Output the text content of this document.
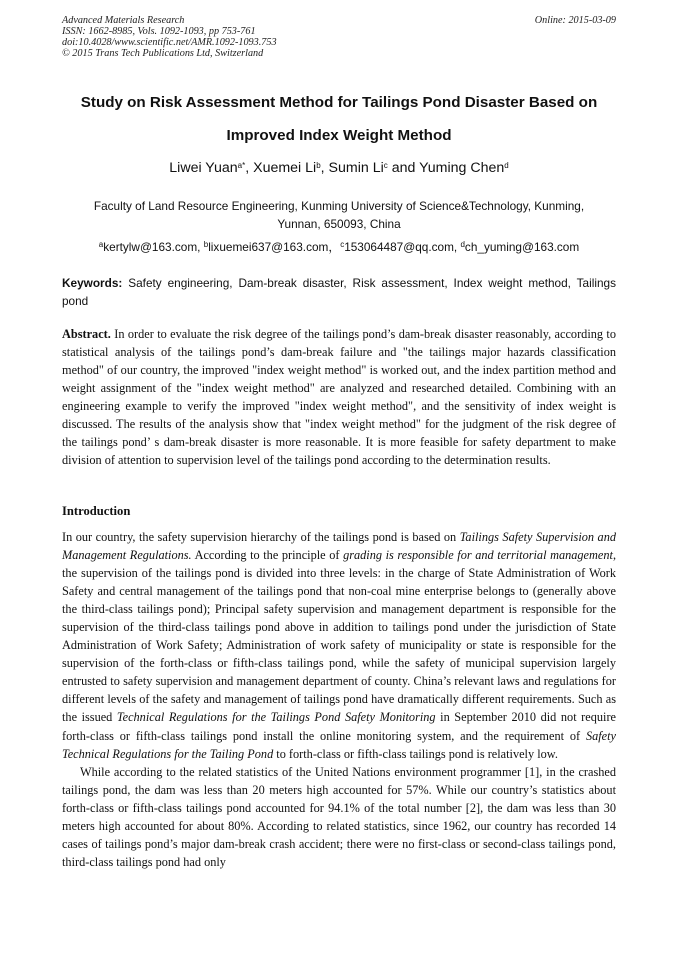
Advanced Materials Research
ISSN: 1662-8985, Vols. 1092-1093, pp 753-761
doi:10.4028/www.scientific.net/AMR.1092-1093.753
© 2015 Trans Tech Publications Ltd, Switzerland
Online: 2015-03-09
Study on Risk Assessment Method for Tailings Pond Disaster Based on
Improved Index Weight Method
Liwei Yuan$^{a*}$, Xuemei Li$^b$, Sumin Li$^c$ and Yuming Chen$^d$
Faculty of Land Resource Engineering, Kunming University of Science&Technology, Kunming,
Yunnan, 650093, China
$^a$kertylw@163.com, $^b$lixuemei637@163.com，$^c$153064487@qq.com, $^d$ch_yuming@163.com
Keywords: Safety engineering, Dam-break disaster, Risk assessment, Index weight method, Tailings pond
Abstract. In order to evaluate the risk degree of the tailings pond’s dam-break disaster reasonably, according to statistical analysis of the tailings pond’s dam-break failure and "the tailings major hazards classification method" of our country, the improved "index weight method" is worked out, and the index partition method and weight assignment of the "index weight method" are analyzed and researched detailed. Combining with an engineering example to verify the improved "index weight method", and the sensitivity of index weight is discussed. The results of the analysis show that "index weight method" for the judgment of the risk degree of the tailings pond’ s dam-break disaster is more reasonable. It is more feasible for safety department to make division of attention to supervision level of the tailings pond according to the determination results.
Introduction

In our country, the safety supervision hierarchy of the tailings pond is based on Tailings Safety Supervision and Management Regulations. According to the principle of grading is responsible for and territorial management, the supervision of the tailings pond is divided into three levels: in the charge of State Administration of Work Safety and central management of the tailings pond that non-coal mine enterprise belongs to (generally above the third-class tailings pond); Principal safety supervision and management department is responsible for the supervision of the third-class tailings pond above in addition to tailings pond under the jurisdiction of State Administration of Work Safety; Administration of work safety of municipality or state is responsible for the supervision of the forth-class or fifth-class tailings pond, while the safety of municipal supervision largely entrusted to safety supervision and management department of county. China’s relevant laws and regulations for different levels of the safety and management of tailings pond have dramatically different requirements. Such as the issued Technical Regulations for the Tailings Pond Safety Monitoring in September 2010 did not require forth-class or fifth-class tailings pond install the online monitoring system, and the requirement of Safety Technical Regulations for the Tailing Pond to forth-class or fifth-class tailings pond is relatively low.

While according to the related statistics of the United Nations environment programmer [1], in the crashed tailings pond, the dam was less than 20 meters high accounted for 57%. While our country’s statistics about forth-class or fifth-class tailings pond accounted for 94.1% of the total number [2], the dam was less than 30 meters high accounted for about 80%. According to related statistics, since 1962, our country has recorded 14 cases of tailings pond’s major dam-break crash accident; there were no first-class or second-class tailings pond, third-class tailings pond had only
